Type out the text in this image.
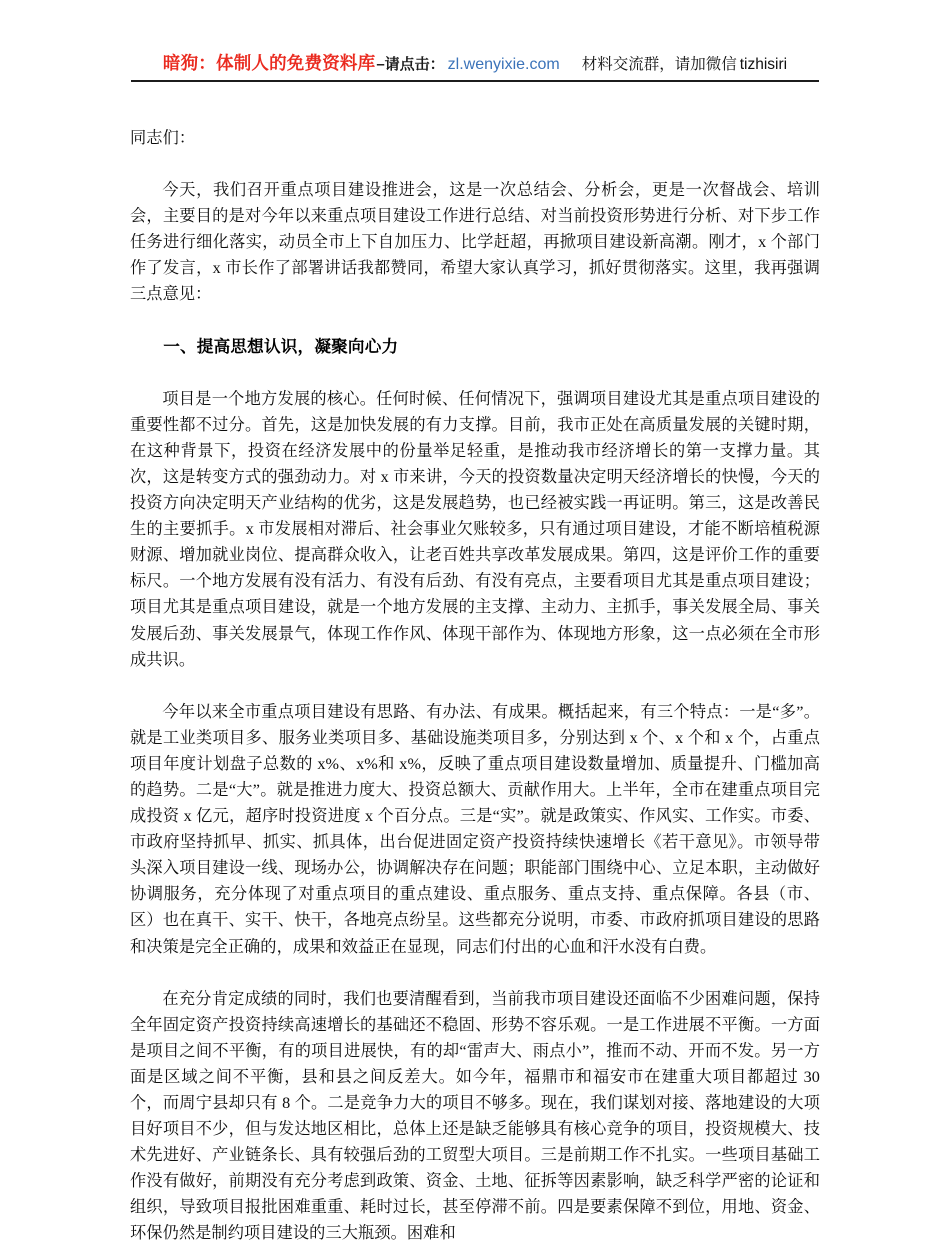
暗狗：体制人的免费资料库 – 请点击： zl.wenyixie.com 材料交流群，请加微信 tizhisiri

同志们：

今天，我们召开重点项目建设推进会，这是一次总结会、分析会，更是一次督战会、培训会，主要目的是对今年以来重点项目建设工作进行总结、对当前投资形势进行分析、对下步工作任务进行细化落实，动员全市上下自加压力、比学赶超，再掀项目建设新高潮。刚才，x 个部门作了发言，x 市长作了部署讲话我都赞同，希望大家认真学习，抓好贯彻落实。这里，我再强调三点意见：

一、提高思想认识，凝聚向心力

项目是一个地方发展的核心。任何时候、任何情况下，强调项目建设尤其是重点项目建设的重要性都不过分。首先，这是加快发展的有力支撑。目前，我市正处在高质量发展的关键时期，在这种背景下，投资在经济发展中的份量举足轻重，是推动我市经济增长的第一支撑力量。其次，这是转变方式的强劲动力。对 x 市来讲，今天的投资数量决定明天经济增长的快慢，今天的投资方向决定明天产业结构的优劣，这是发展趋势，也已经被实践一再证明。第三，这是改善民生的主要抓手。x 市发展相对滞后、社会事业欠账较多，只有通过项目建设，才能不断培植税源财源、增加就业岗位、提高群众收入，让老百姓共享改革发展成果。第四，这是评价工作的重要标尺。一个地方发展有没有活力、有没有后劲、有没有亮点，主要看项目尤其是重点项目建设；项目尤其是重点项目建设，就是一个地方发展的主支撑、主动力、主抓手，事关发展全局、事关发展后劲、事关发展景气，体现工作作风、体现干部作为、体现地方形象，这一点必须在全市形成共识。

今年以来全市重点项目建设有思路、有办法、有成果。概括起来，有三个特点：一是“多”。就是工业类项目多、服务业类项目多、基础设施类项目多，分别达到 x 个、x 个和 x 个，占重点项目年度计划盘子总数的 x%、x%和 x%，反映了重点项目建设数量增加、质量提升、门槛加高的趋势。二是“大”。就是推进力度大、投资总额大、贡献作用大。上半年，全市在建重点项目完成投资 x 亿元，超序时投资进度 x 个百分点。三是“实”。就是政策实、作风实、工作实。市委、市政府坚持抓早、抓实、抓具体，出台促进固定资产投资持续快速增长《若干意见》。市领导带头深入项目建设一线、现场办公，协调解决存在问题；职能部门围绕中心、立足本职，主动做好协调服务，充分体现了对重点项目的重点建设、重点服务、重点支持、重点保障。各县（市、区）也在真干、实干、快干，各地亮点纷呈。这些都充分说明，市委、市政府抓项目建设的思路和决策是完全正确的，成果和效益正在显现，同志们付出的心血和汗水没有白费。

在充分肯定成绩的同时，我们也要清醒看到，当前我市项目建设还面临不少困难问题，保持全年固定资产投资持续高速增长的基础还不稳固、形势不容乐观。一是工作进展不平衡。一方面是项目之间不平衡，有的项目进展快，有的却“雷声大、雨点小”，推而不动、开而不发。另一方面是区域之间不平衡，县和县之间反差大。如今年，福鼎市和福安市在建重大项目都超过 30 个，而周宁县却只有 8 个。二是竞争力大的项目不够多。现在，我们谋划对接、落地建设的大项目好项目不少，但与发达地区相比，总体上还是缺乏能够具有核心竞争的项目，投资规模大、技术先进好、产业链条长、具有较强后劲的工贸型大项目。三是前期工作不扎实。一些项目基础工作没有做好，前期没有充分考虑到政策、资金、土地、征拆等因素影响，缺乏科学严密的论证和组织，导致项目报批困难重重、耗时过长，甚至停滞不前。四是要素保障不到位，用地、资金、环保仍然是制约项目建设的三大瓶颈。困难和
